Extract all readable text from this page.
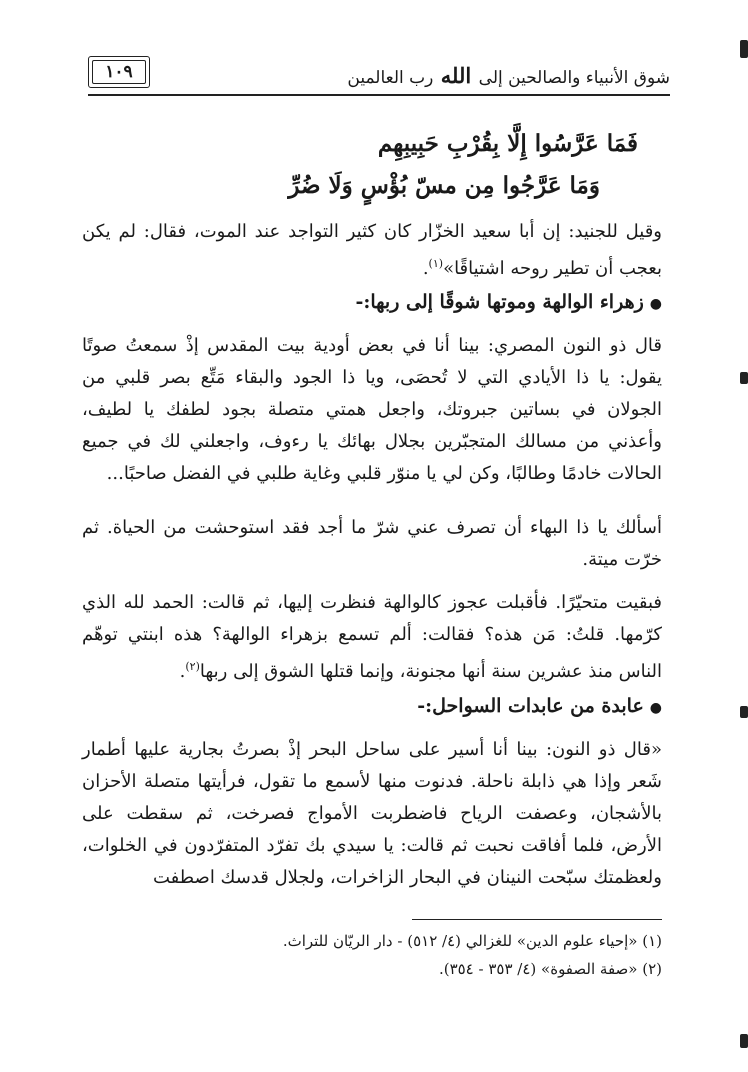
شوق الأنبياء والصالحين إلى الله رب العالمين
١٠٩
فَمَا عَرَّسُوا إِلَّا بِقُرْبِ حَبِيبِهِم
وَمَا عَرَّجُوا مِن مسّ بُؤْسٍ وَلَا ضُرِّ
وقيل للجنيد: إن أبا سعيد الخزّار كان كثير التواجد عند الموت، فقال: لم يكن بعجب أن تطير روحه اشتياقًا»$^{(١)}$.
●زهراء الوالهة وموتها شوقًا إلى ربها:-
قال ذو النون المصري: بينا أنا في بعض أودية بيت المقدس إذْ سمعتُ صوتًا يقول: يا ذا الأيادي التي لا تُحصَى، ويا ذا الجود والبقاء مَتِّع بصر قلبي من الجولان في بساتين جبروتك، واجعل همتي متصلة بجود لطفك يا لطيف، وأعذني من مسالك المتجبّرين بجلال بهائك يا رءوف، واجعلني لك في جميع الحالات خادمًا وطالبًا، وكن لي يا منوّر قلبي وغاية طلبي في الفضل صاحبًا...
أسألك يا ذا البهاء أن تصرف عني شرّ ما أجد فقد استوحشت من الحياة. ثم خرّت ميتة.
فبقيت متحيّرًا. فأقبلت عجوز كالوالهة فنظرت إليها، ثم قالت: الحمد لله الذي كرّمها. قلتُ: مَن هذه؟ فقالت: ألم تسمع بزهراء الوالهة؟ هذه ابنتي توهّم الناس منذ عشرين سنة أنها مجنونة، وإنما قتلها الشوق إلى ربها$^{(٢)}$.
●عابدة من عابدات السواحل:-
«قال ذو النون: بينا أنا أسير على ساحل البحر إذْ بصرتُ بجارية عليها أطمار شَعر وإذا هي ذابلة ناحلة. فدنوت منها لأسمع ما تقول، فرأيتها متصلة الأحزان بالأشجان، وعصفت الرياح فاضطربت الأمواج فصرخت، ثم سقطت على الأرض، فلما أفاقت نحبت ثم قالت: يا سيدي بك تفرّد المتفرّدون في الخلوات، ولعظمتك سبّحت النينان في البحار الزاخرات، ولجلال قدسك اصطفت
(١) «إحياء علوم الدين» للغزالي (٤/ ٥١٢) - دار الريّان للتراث.
(٢) «صفة الصفوة» (٤/ ٣٥٣ - ٣٥٤).
